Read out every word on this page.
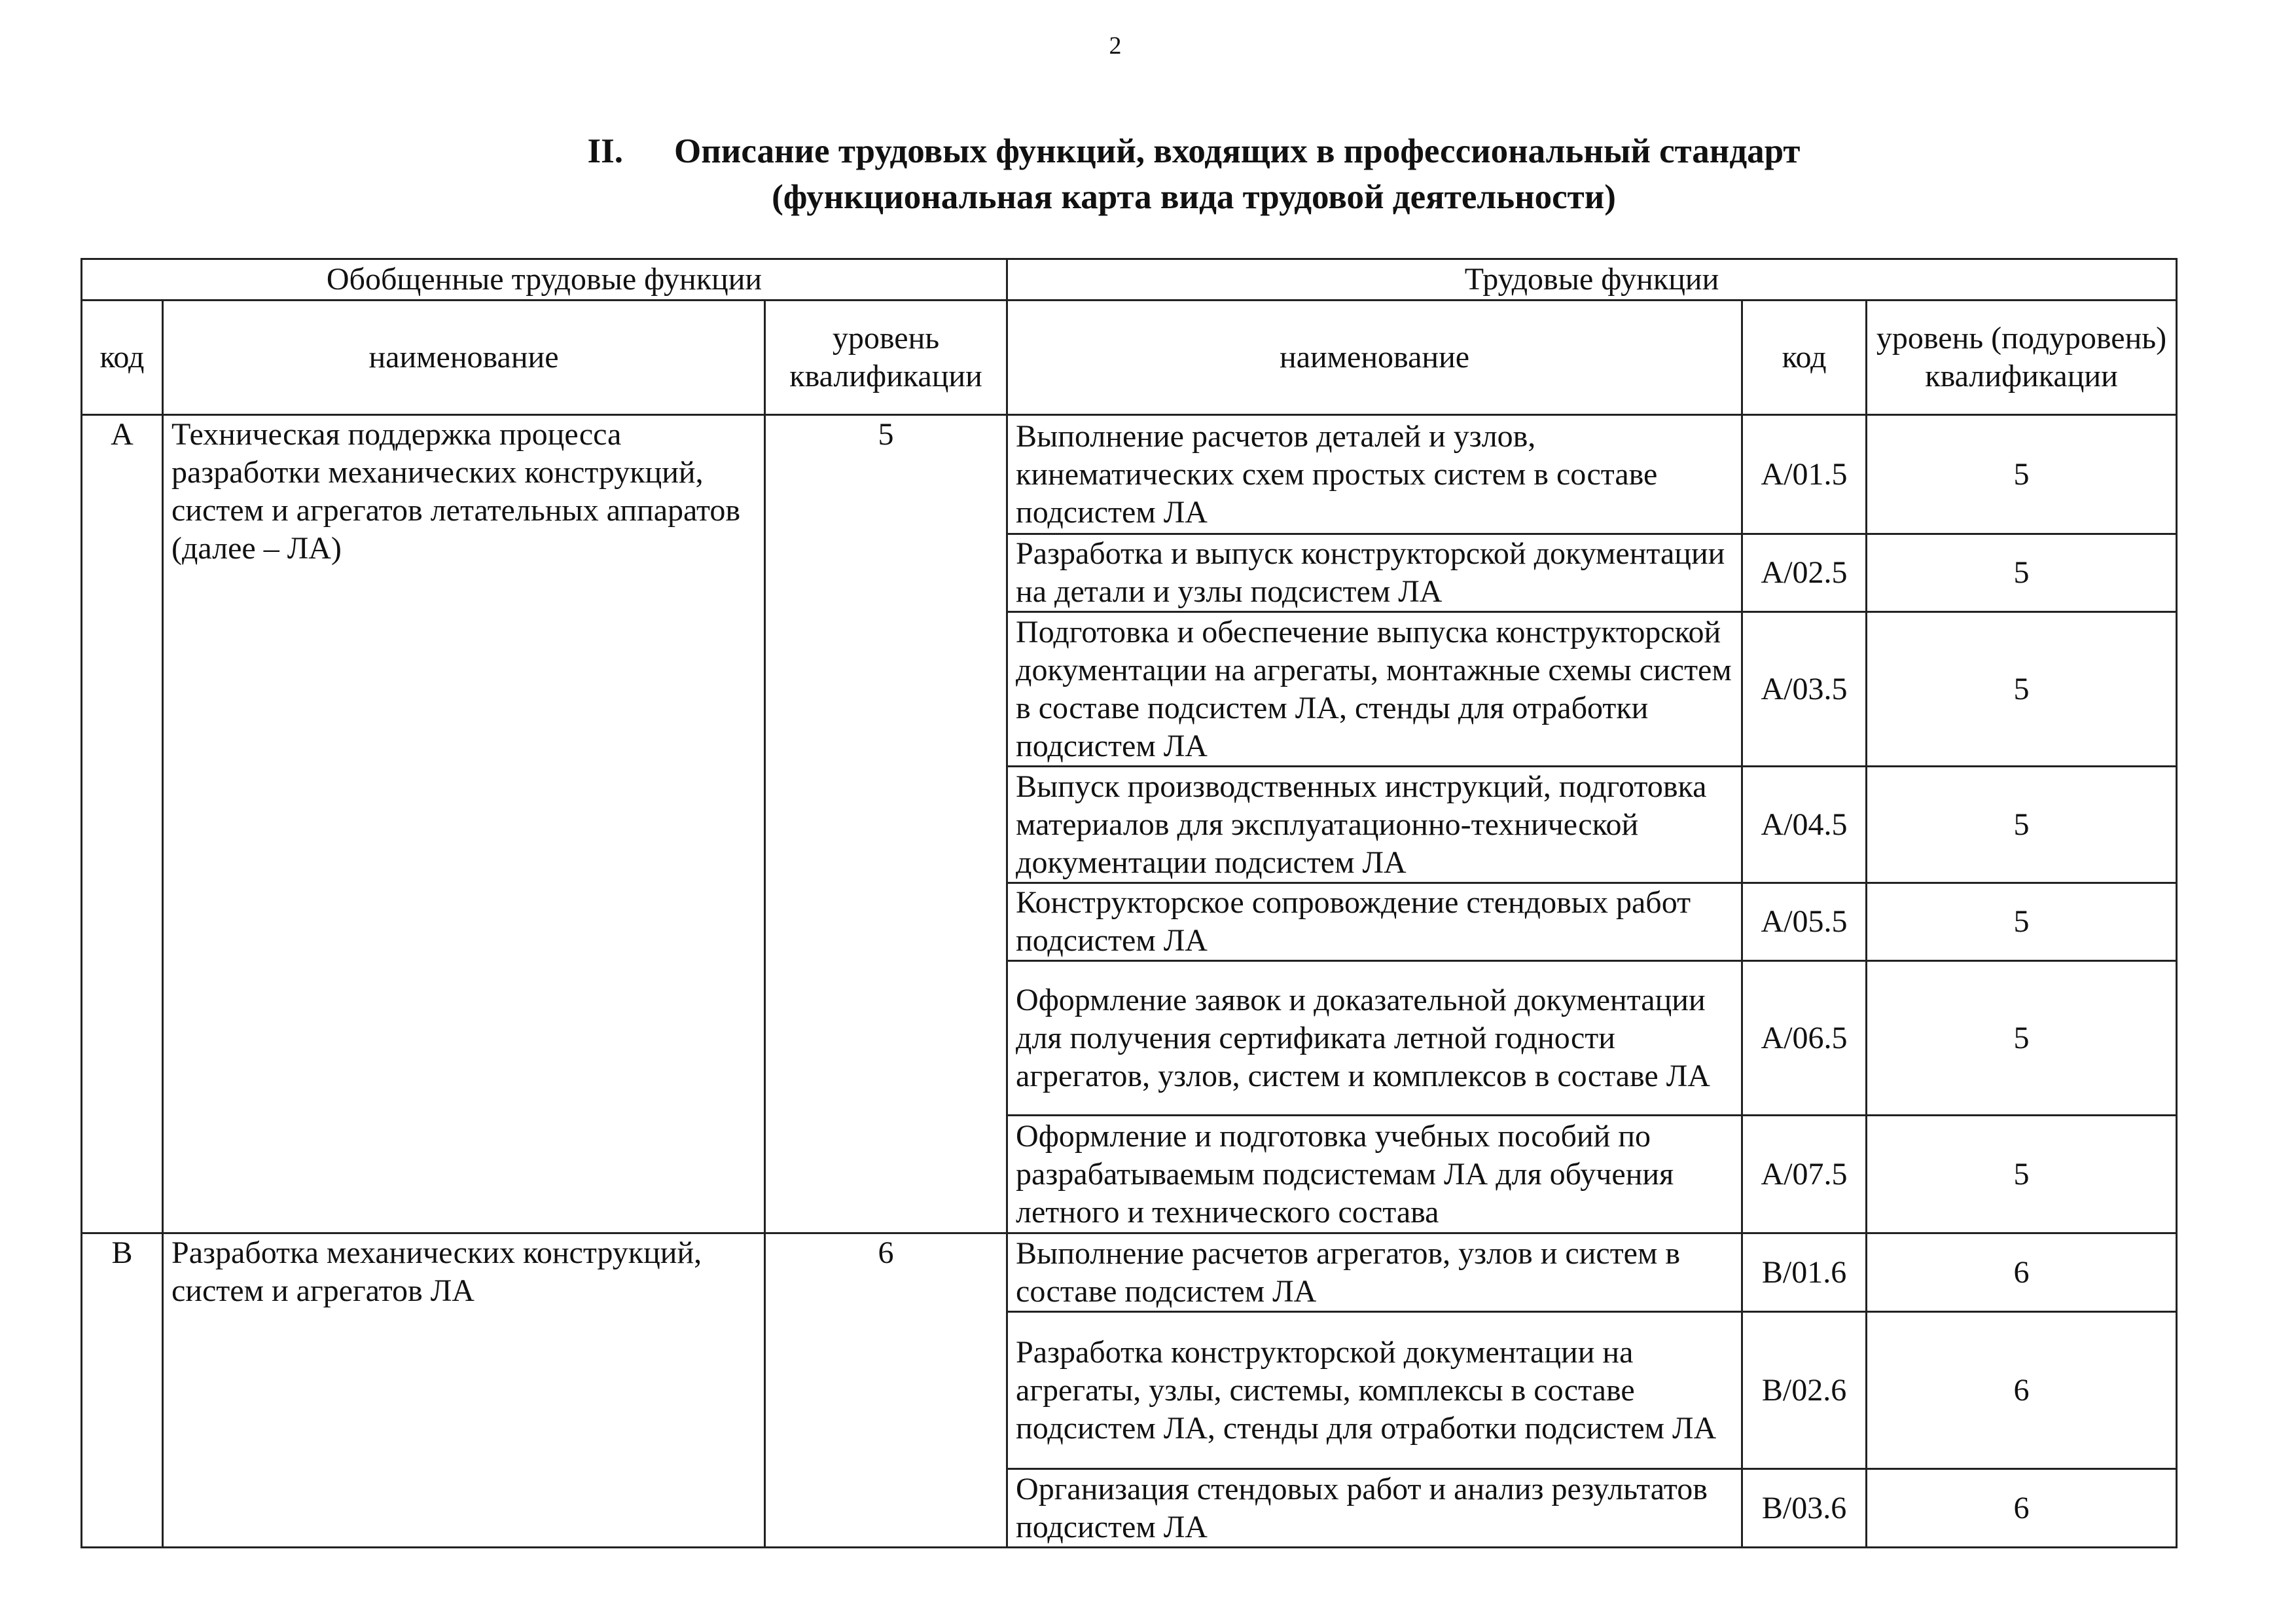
2
II. Описание трудовых функций, входящих в профессиональный стандарт
(функциональная карта вида трудовой деятельности)
Обобщенные трудовые функции			Трудовые функции		
код	наименование	уровень квалификации	наименование	код	уровень (подуровень) квалификации
A	Техническая поддержка процесса разработки механических конструкций, систем и агрегатов летательных аппаратов (далее – ЛА)	5	Выполнение расчетов деталей и узлов, кинематических схем простых систем в составе подсистем ЛА	A/01.5	5
			Разработка и выпуск конструкторской документации на детали и узлы подсистем ЛА	A/02.5	5
			Подготовка и обеспечение выпуска конструкторской документации на агрегаты, монтажные схемы систем в составе подсистем ЛА, стенды для отработки подсистем ЛА	A/03.5	5
			Выпуск производственных инструкций, подготовка материалов для эксплуатационно-технической документации подсистем ЛА	A/04.5	5
			Конструкторское сопровождение стендовых работ подсистем ЛА	A/05.5	5
			Оформление заявок и доказательной документации для получения сертификата летной годности агрегатов, узлов, систем и комплексов в составе ЛА	A/06.5	5
			Оформление и подготовка учебных пособий по разрабатываемым подсистемам ЛА для обучения летного и технического состава	A/07.5	5
B	Разработка механических конструкций, систем и агрегатов ЛА	6	Выполнение расчетов агрегатов, узлов и систем в составе подсистем ЛА	B/01.6	6
			Разработка конструкторской документации на агрегаты, узлы, системы, комплексы в составе подсистем ЛА, стенды для отработки подсистем ЛА	B/02.6	6
			Организация стендовых работ и анализ результатов подсистем ЛА	B/03.6	6
